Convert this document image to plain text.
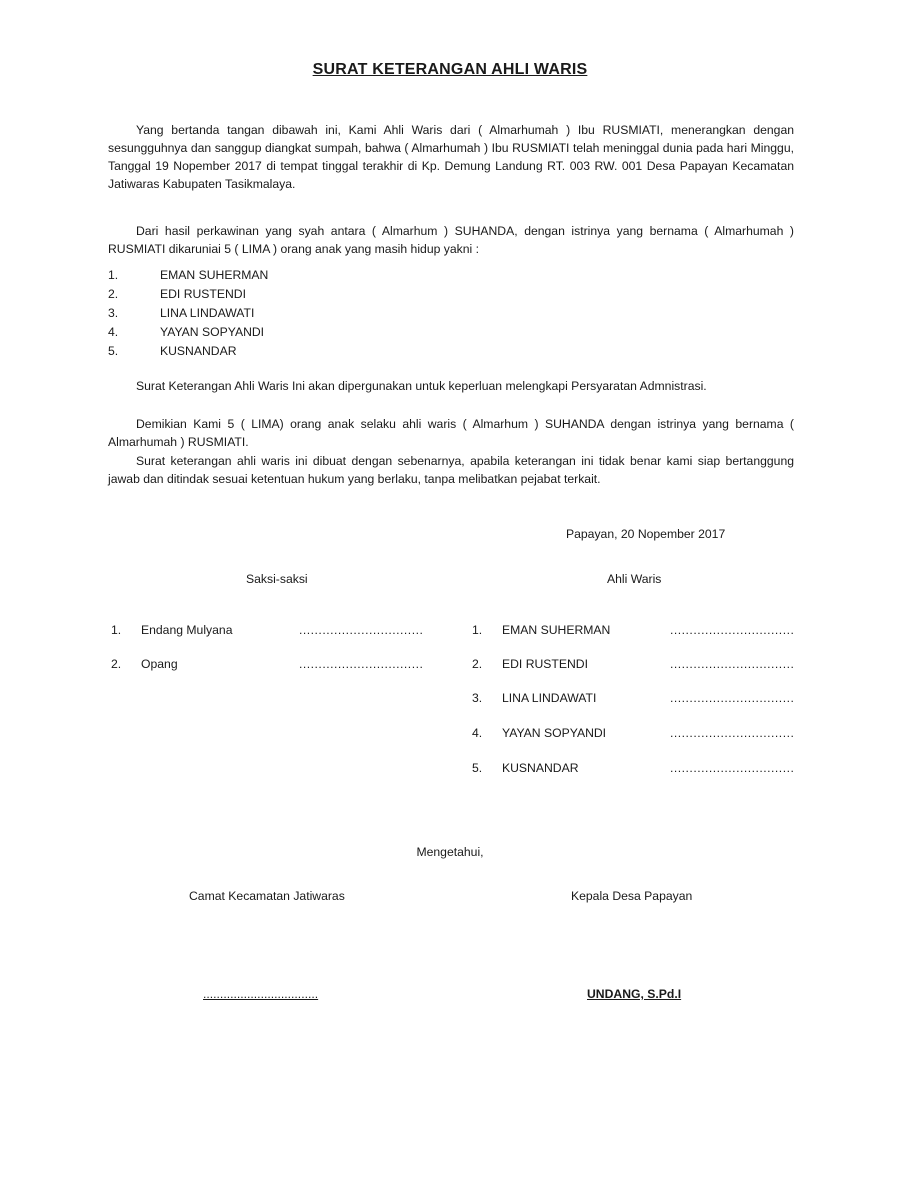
SURAT KETERANGAN AHLI WARIS

Yang bertanda tangan dibawah ini, Kami Ahli Waris dari ( Almarhumah ) Ibu RUSMIATI, menerangkan dengan sesungguhnya dan sanggup diangkat sumpah, bahwa ( Almarhumah ) Ibu RUSMIATI telah meninggal dunia pada hari Minggu, Tanggal 19 Nopember 2017 di tempat tinggal terakhir di Kp. Demung Landung RT. 003 RW. 001 Desa Papayan Kecamatan Jatiwaras Kabupaten Tasikmalaya.

Dari hasil perkawinan yang syah antara ( Almarhum ) SUHANDA, dengan istrinya yang bernama ( Almarhumah ) RUSMIATI dikaruniai 5 ( LIMA ) orang anak yang masih hidup yakni :

1.	EMAN SUHERMAN
2.	EDI RUSTENDI
3.	LINA LINDAWATI
4.	YAYAN SOPYANDI
5.	KUSNANDAR

Surat Keterangan Ahli Waris Ini akan dipergunakan untuk keperluan melengkapi Persyaratan Admnistrasi.

Demikian Kami 5 ( LIMA) orang anak selaku ahli waris ( Almarhum ) SUHANDA dengan istrinya yang bernama ( Almarhumah ) RUSMIATI.

Surat keterangan ahli waris ini dibuat dengan sebenarnya, apabila keterangan ini tidak benar kami siap bertanggung jawab dan ditindak sesuai ketentuan hukum yang berlaku, tanpa melibatkan pejabat terkait.

Papayan, 20 Nopember 2017

Saksi-saksi	Ahli Waris

1.	Endang Mulyana	................................
2.	Opang	................................
1.	EMAN SUHERMAN	................................
2.	EDI RUSTENDI	................................
3.	LINA LINDAWATI	................................
4.	YAYAN SOPYANDI	................................
5.	KUSNANDAR	................................

Mengetahui,

Camat Kecamatan Jatiwaras	Kepala Desa Papayan

..................................	UNDANG, S.Pd.I
